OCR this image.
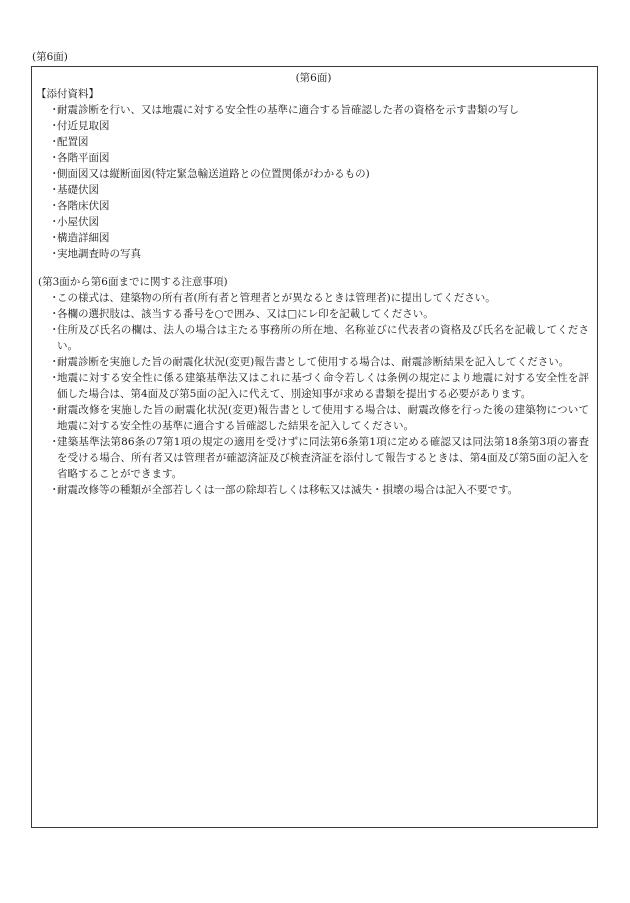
(第6面)
(第6面)
【添付資料】
・
耐震診断を行い、又は地震に対する安全性の基準に適合する旨確認した者の資格を示す書類の写し
・
付近見取図
・
配置図
・
各階平面図
・
側面図又は縦断面図(特定緊急輸送道路との位置関係がわかるもの)
・
基礎伏図
・
各階床伏図
・
小屋伏図
・
構造詳細図
・
実地調査時の写真
(第3面から第6面までに関する注意事項)
・
この様式は、建築物の所有者(所有者と管理者とが異なるときは管理者)に提出してください。
・
各欄の選択肢は、該当する番号を○で囲み、又は□にレ印を記載してください。
・
住所及び氏名の欄は、法人の場合は主たる事務所の所在地、名称並びに代表者の資格及び氏名を記載してください。
・
耐震診断を実施した旨の耐震化状況(変更)報告書として使用する場合は、耐震診断結果を記入してください。
・
地震に対する安全性に係る建築基準法又はこれに基づく命令若しくは条例の規定により地震に対する安全性を評価した場合は、第4面及び第5面の記入に代えて、別途知事が求める書類を提出する必要があります。
・
耐震改修を実施した旨の耐震化状況(変更)報告書として使用する場合は、耐震改修を行った後の建築物について地震に対する安全性の基準に適合する旨確認した結果を記入してください。
・
建築基準法第86条の7第1項の規定の適用を受けずに同法第6条第1項に定める確認又は同法第18条第3項の審査を受ける場合、所有者又は管理者が確認済証及び検査済証を添付して報告するときは、第4面及び第5面の記入を省略することができます。
・
耐震改修等の種類が全部若しくは一部の除却若しくは移転又は滅失・損壊の場合は記入不要です。
